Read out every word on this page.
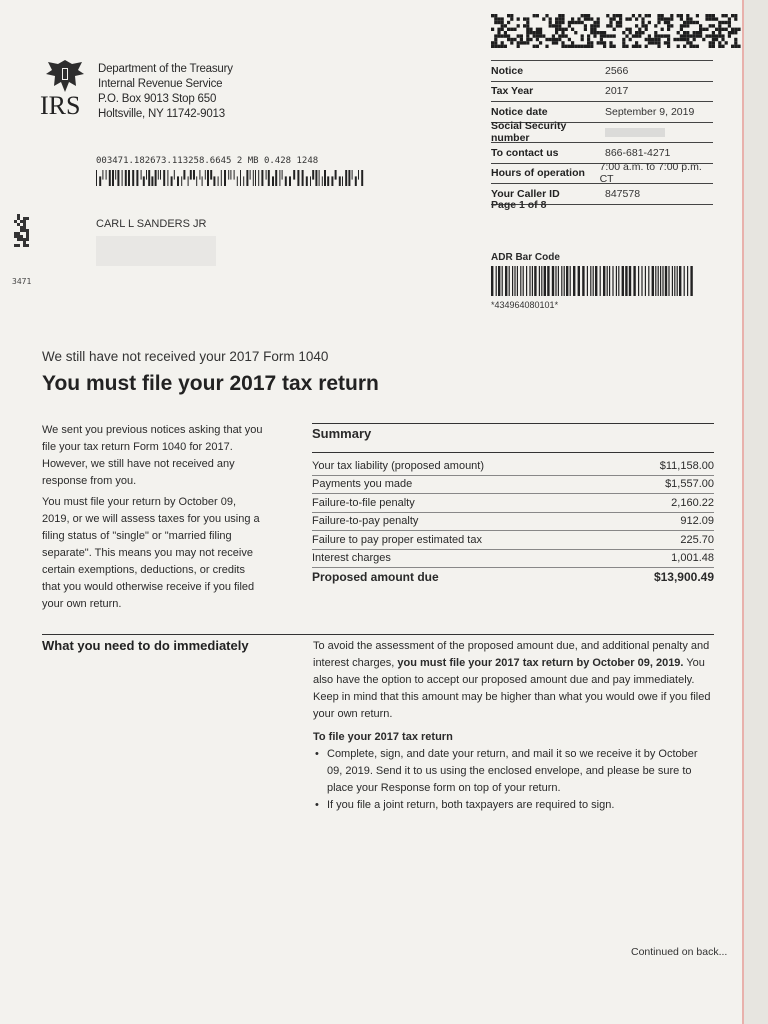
IRS
Department of the Treasury
Internal Revenue Service
P.O. Box 9013 Stop 650
Holtsville, NY 11742-9013
003471.182673.113258.6645 2 MB 0.428 1248
CARL L SANDERS JR
3471
Notice	2566
Tax Year	2017
Notice date	September 9, 2019
Social Security number
To contact us	866-681-4271
Hours of operation	7:00 a.m. to 7:00 p.m. CT
Your Caller ID	847578
Page 1 of 8
ADR Bar Code
*434964080101*
We still have not received your 2017 Form 1040
You must file your 2017 tax return
We sent you previous notices asking that you file your tax return Form 1040 for 2017. However, we still have not received any response from you.
You must file your return by October 09, 2019, or we will assess taxes for you using a filing status of "single" or "married filing separate". This means you may not receive certain exemptions, deductions, or credits that you would otherwise receive if you filed your own return.
Summary
Your tax liability (proposed amount)	$11,158.00
Payments you made	$1,557.00
Failure-to-file penalty	2,160.22
Failure-to-pay penalty	912.09
Failure to pay proper estimated tax	225.70
Interest charges	1,001.48
Proposed amount due	$13,900.49
What you need to do immediately	To avoid the assessment of the proposed amount due, and additional penalty and interest charges, you must file your 2017 tax return by October 09, 2019. You also have the option to accept our proposed amount due and pay immediately. Keep in mind that this amount may be higher than what you would owe if you filed your own return.
To file your 2017 tax return
• Complete, sign, and date your return, and mail it so we receive it by October 09, 2019. Send it to us using the enclosed envelope, and please be sure to place your Response form on top of your return.
• If you file a joint return, both taxpayers are required to sign.
Continued on back...
